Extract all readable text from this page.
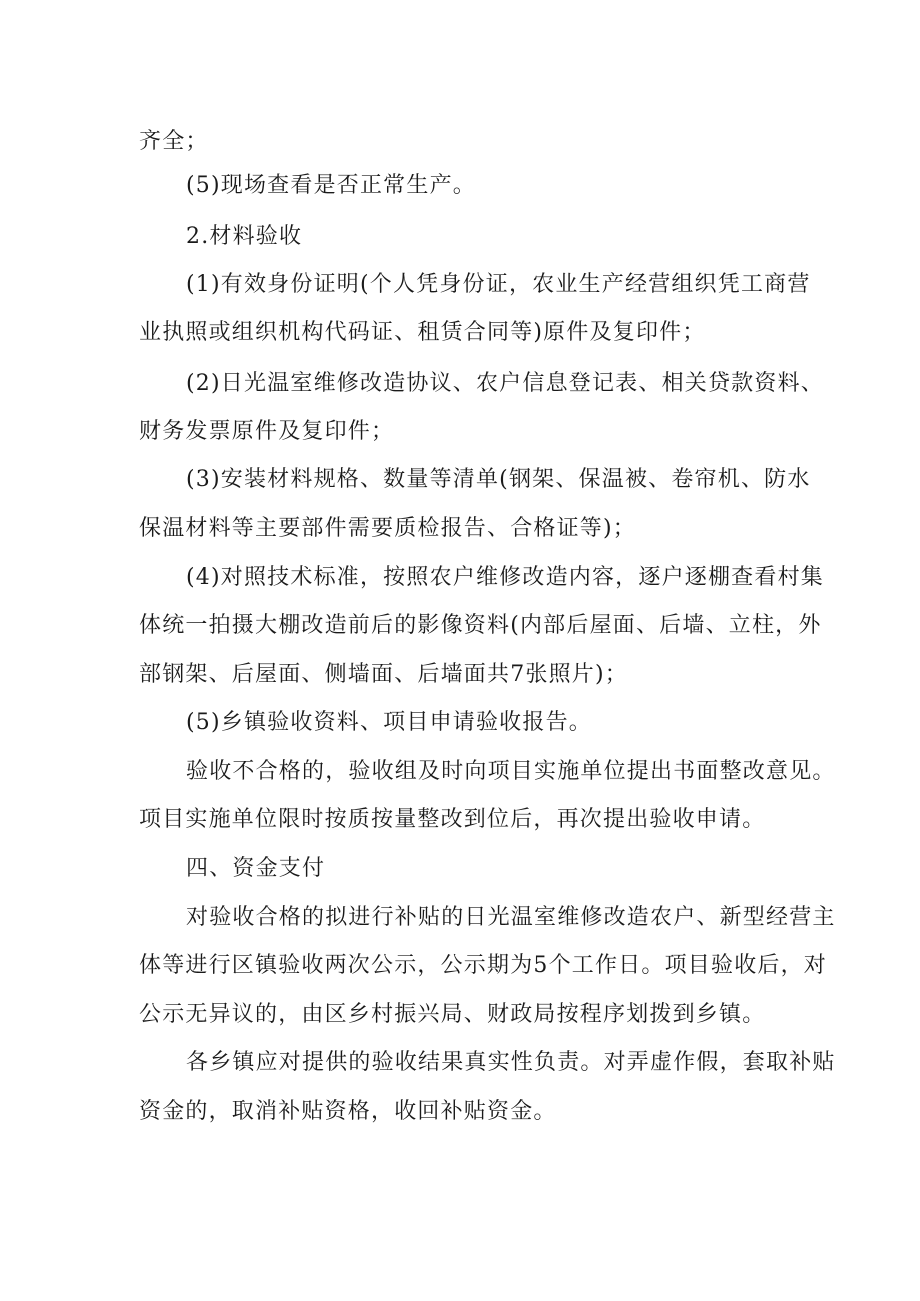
齐全；
(5)现场查看是否正常生产。
2.材料验收
(1)有效身份证明(个人凭身份证，农业生产经营组织凭工商营
业执照或组织机构代码证、租赁合同等)原件及复印件；
(2)日光温室维修改造协议、农户信息登记表、相关贷款资料、
财务发票原件及复印件；
(3)安装材料规格、数量等清单(钢架、保温被、卷帘机、防水
保温材料等主要部件需要质检报告、合格证等)；
(4)对照技术标准，按照农户维修改造内容，逐户逐棚查看村集
体统一拍摄大棚改造前后的影像资料(内部后屋面、后墙、立柱，外
部钢架、后屋面、侧墙面、后墙面共7张照片)；
(5)乡镇验收资料、项目申请验收报告。
验收不合格的，验收组及时向项目实施单位提出书面整改意见。
项目实施单位限时按质按量整改到位后，再次提出验收申请。
四、资金支付
对验收合格的拟进行补贴的日光温室维修改造农户、新型经营主
体等进行区镇验收两次公示，公示期为5个工作日。项目验收后，对
公示无异议的，由区乡村振兴局、财政局按程序划拨到乡镇。
各乡镇应对提供的验收结果真实性负责。对弄虚作假，套取补贴
资金的，取消补贴资格，收回补贴资金。
